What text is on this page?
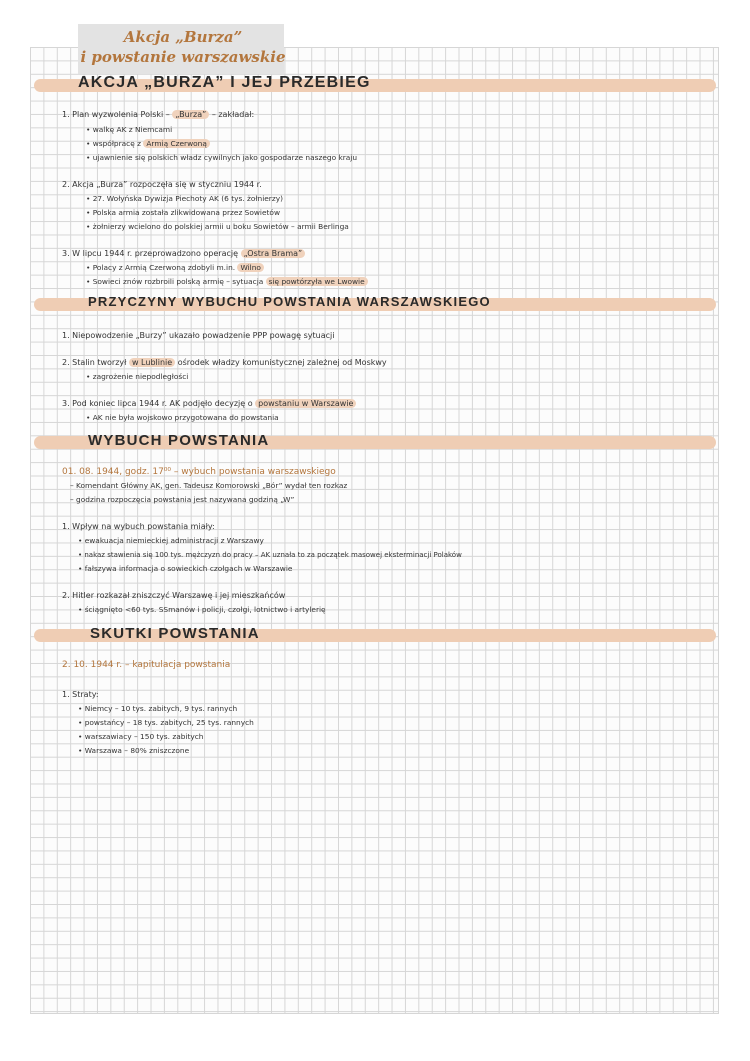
Akcja „Burza”
i powstanie warszawskie
AKCJA „BURZA” I JEJ PRZEBIEG
1. Plan wyzwolenia Polski – „Burza” – zakładał:
• walkę AK z Niemcami
• współpracę z Armią Czerwoną
• ujawnienie się polskich władz cywilnych jako gospodarze naszego kraju
2. Akcja „Burza” rozpoczęła się w styczniu 1944 r.
• 27. Wołyńska Dywizja Piechoty AK (6 tys. żołnierzy)
• Polska armia została zlikwidowana przez Sowietów
• żołnierzy wcielono do polskiej armii u boku Sowietów – armii Berlinga
3. W lipcu 1944 r. przeprowadzono operację „Ostra Brama”
• Polacy z Armią Czerwoną zdobyli m.in. Wilno
• Sowieci znów rozbroili polską armię – sytuacja się powtórzyła we Lwowie
PRZYCZYNY WYBUCHU POWSTANIA WARSZAWSKIEGO
1. Niepowodzenie „Burzy” ukazało powadzenie PPP powagę sytuacji
2. Stalin tworzył w Lublinie ośrodek władzy komunistycznej zależnej od Moskwy
• zagrożenie niepodległości
3. Pod koniec lipca 1944 r. AK podjęło decyzję o powstaniu w Warszawie
• AK nie była wojskowo przygotowana do powstania
WYBUCH POWSTANIA
01. 08. 1944, godz. 17⁰⁰ – wybuch powstania warszawskiego
– Komendant Główny AK, gen. Tadeusz Komorowski „Bór” wydał ten rozkaz
– godzina rozpoczęcia powstania jest nazywana godziną „W”
1. Wpływ na wybuch powstania miały:
• ewakuacja niemieckiej administracji z Warszawy
• nakaz stawienia się 100 tys. mężczyzn do pracy – AK uznała to za początek masowej eksterminacji Polaków
• fałszywa informacja o sowieckich czołgach w Warszawie
2. Hitler rozkazał zniszczyć Warszawę i jej mieszkańców
• ściągnięto <60 tys. SSmanów i policji, czołgi, lotnictwo i artylerię
SKUTKI POWSTANIA
2. 10. 1944 r. – kapitulacja powstania
1. Straty:
• Niemcy – 10 tys. zabitych, 9 tys. rannych
• powstańcy – 18 tys. zabitych, 25 tys. rannych
• warszawiacy – 150 tys. zabitych
• Warszawa – 80% zniszczone
